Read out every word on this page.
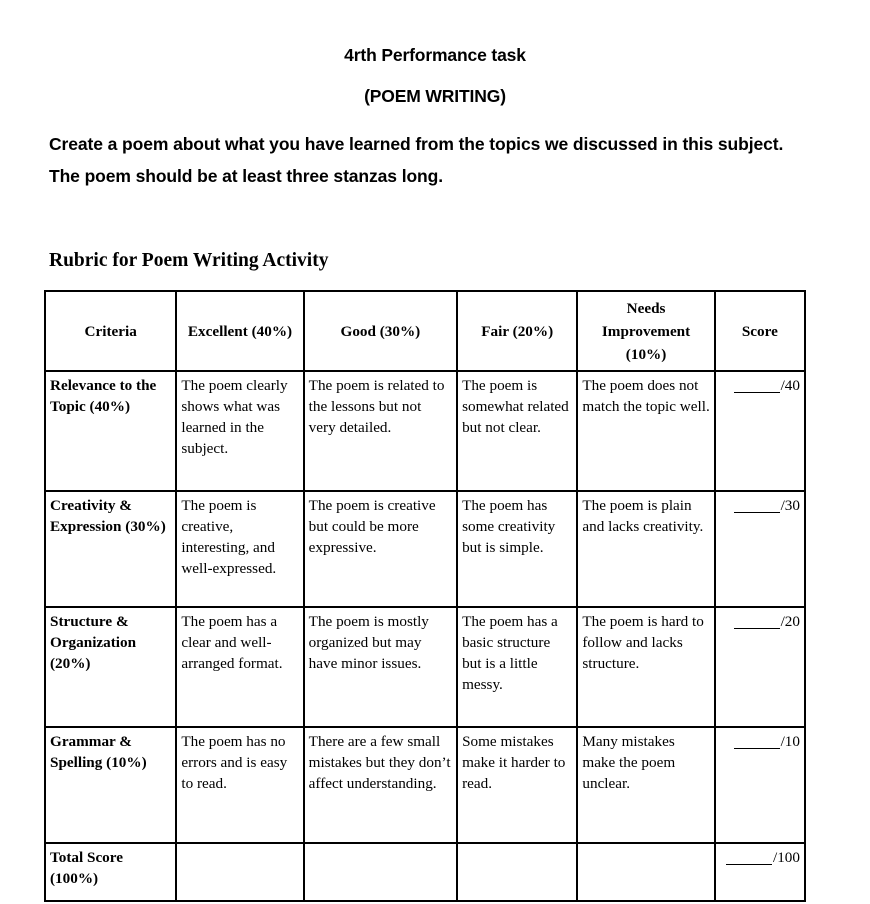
4rth Performance task
(POEM WRITING)
Create a poem about what you have learned from the topics we discussed in this subject. The poem should be at least three stanzas long.
Rubric for Poem Writing Activity
Criteria	Excellent (40%)	Good (30%)	Fair (20%)	Needs Improvement (10%)	Score
Relevance to the Topic (40%)	The poem clearly shows what was learned in the subject.	The poem is related to the lessons but not very detailed.	The poem is somewhat related but not clear.	The poem does not match the topic well.	/40
Creativity & Expression (30%)	The poem is creative, interesting, and well-expressed.	The poem is creative but could be more expressive.	The poem has some creativity but is simple.	The poem is plain and lacks creativity.	/30
Structure & Organization (20%)	The poem has a clear and well-arranged format.	The poem is mostly organized but may have minor issues.	The poem has a basic structure but is a little messy.	The poem is hard to follow and lacks structure.	/20
Grammar & Spelling (10%)	The poem has no errors and is easy to read.	There are a few small mistakes but they don’t affect understanding.	Some mistakes make it harder to read.	Many mistakes make the poem unclear.	/10
Total Score (100%)					/100
